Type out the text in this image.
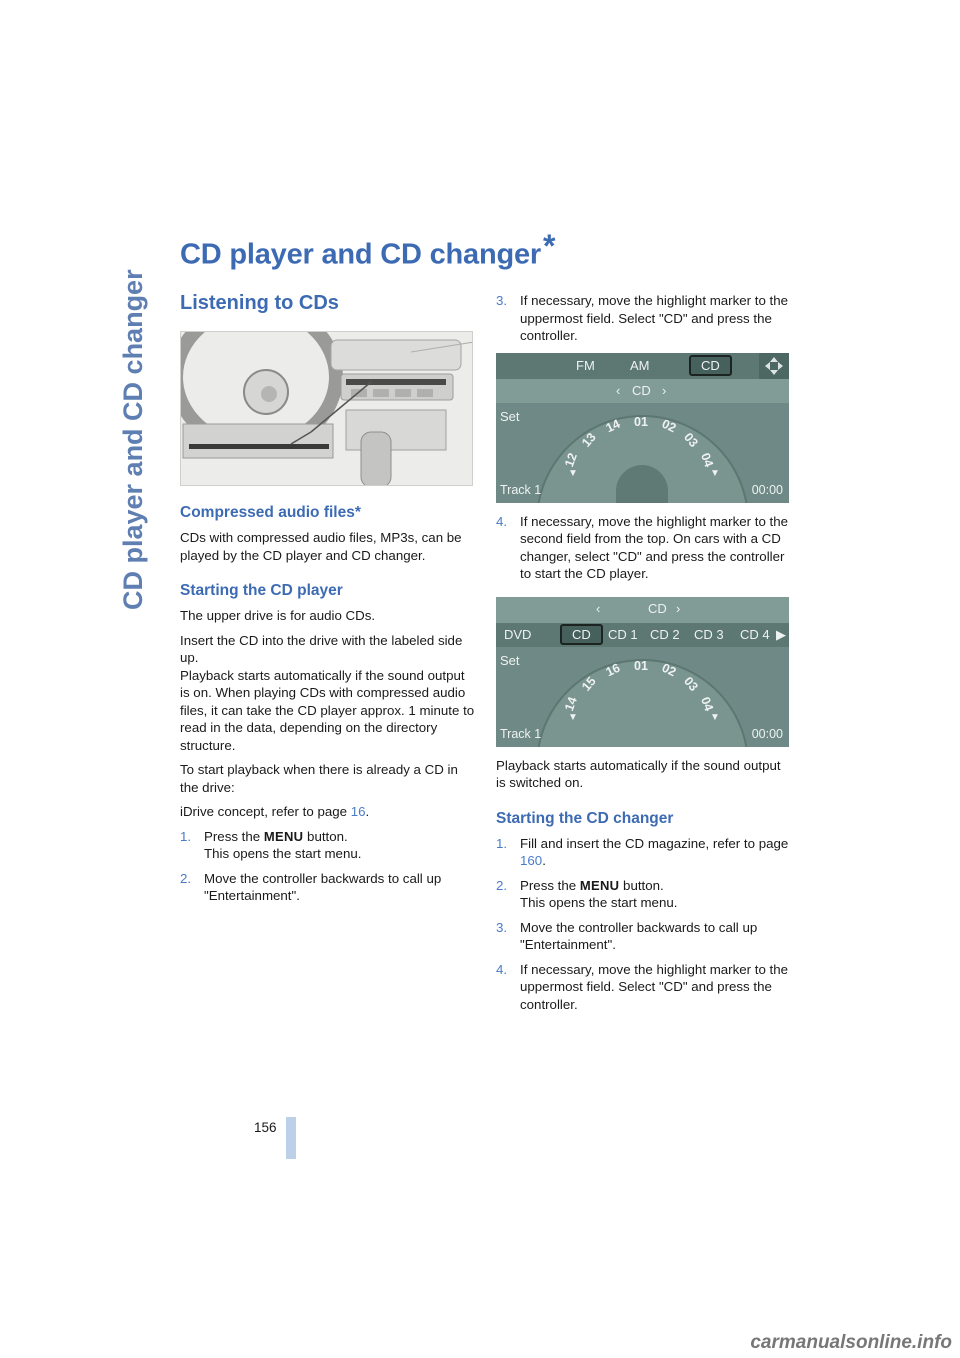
CD player and CD changer
CD player and CD changer*
Listening to CDs
Compressed audio files*

CDs with compressed audio files, MP3s, can be played by the CD player and CD changer.

Starting the CD player

The upper drive is for audio CDs.

Insert the CD into the drive with the labeled side up.

Playback starts automatically if the sound output is on. When playing CDs with compressed audio files, it can take the CD player approx. 1 minute to read in the data, depending on the directory structure.

To start playback when there is already a CD in the drive:

iDrive concept, refer to page 16.

1. Press the MENU button.
This opens the start menu.
2. Move the controller backwards to call up "Entertainment".
3. If necessary, move the highlight marker to the uppermost field. Select "CD" and press the controller.
FM	AM	CD
‹ CD ›
Set
12
13
14 01 02
03
04
▼	▼
Track 1	00:00
4. If necessary, move the highlight marker to the second field from the top. On cars with a CD changer, select "CD" and press the controller to start the CD player.
‹	CD ›
DVD	CD	CD 1 CD 2 CD 3 CD 4 ▶
Set
14
15
16 01 02
03
04
▼	▼
Track 1	00:00

Playback starts automatically if the sound output is switched on.

Starting the CD changer
1. Fill and insert the CD magazine, refer to page 160.
2. Press the MENU button.
This opens the start menu.
3. Move the controller backwards to call up "Entertainment".
4. If necessary, move the highlight marker to the uppermost field. Select "CD" and press the controller.
156
carmanualsonline.info
